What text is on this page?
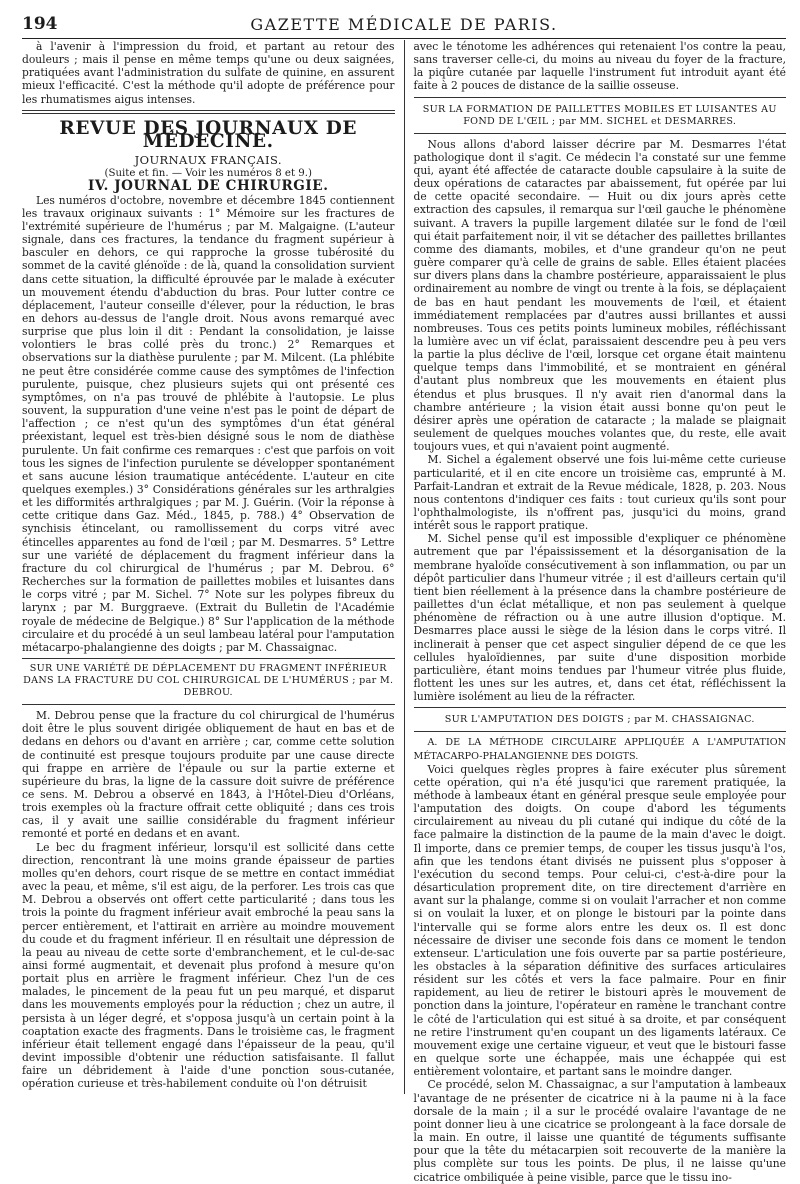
194	GAZETTE MÉDICALE DE PARIS.

à l'avenir à l'impression du froid, et partant au retour des douleurs ; mais il pense en même temps qu'une ou deux saignées, pratiquées avant l'administration du sulfate de quinine, en assurent mieux l'efficacité. C'est la méthode qu'il adopte de préférence pour les rhumatismes aigus intenses.

REVUE DES JOURNAUX DE MÉDECINE.

JOURNAUX FRANÇAIS.

(Suite et fin. — Voir les numéros 8 et 9.)

IV. JOURNAL DE CHIRURGIE.

Les numéros d'octobre, novembre et décembre 1845 contiennent les travaux originaux suivants : 1° Mémoire sur les fractures de l'extrémité supérieure de l'humérus ; par M. Malgaigne. (L'auteur signale, dans ces fractures, la tendance du fragment supérieur à basculer en dehors, ce qui rapproche la grosse tubérosité du sommet de la cavité glénoïde : de là, quand la consolidation survient dans cette situation, la difficulté éprouvée par le malade à exécuter un mouvement étendu d'abduction du bras. Pour lutter contre ce déplacement, l'auteur conseille d'élever, pour la réduction, le bras en dehors au-dessus de l'angle droit. Nous avons remarqué avec surprise que plus loin il dit : Pendant la consolidation, je laisse volontiers le bras collé près du tronc.) 2° Remarques et observations sur la diathèse purulente ; par M. Milcent. (La phlébite ne peut être considérée comme cause des symptômes de l'infection purulente, puisque, chez plusieurs sujets qui ont présenté ces symptômes, on n'a pas trouvé de phlébite à l'autopsie. Le plus souvent, la suppuration d'une veine n'est pas le point de départ de l'affection ; ce n'est qu'un des symptômes d'un état général préexistant, lequel est très-bien désigné sous le nom de diathèse purulente. Un fait confirme ces remarques : c'est que parfois on voit tous les signes de l'infection purulente se développer spontanément et sans aucune lésion traumatique antécédente. L'auteur en cite quelques exemples.) 3° Considérations générales sur les arthralgies et les difformités arthralgiques ; par M. J. Guérin. (Voir la réponse à cette critique dans Gaz. Méd., 1845, p. 788.) 4° Observation de synchisis étincelant, ou ramollissement du corps vitré avec étincelles apparentes au fond de l'œil ; par M. Desmarres. 5° Lettre sur une variété de déplacement du fragment inférieur dans la fracture du col chirurgical de l'humérus ; par M. Debrou. 6° Recherches sur la formation de paillettes mobiles et luisantes dans le corps vitré ; par M. Sichel. 7° Note sur les polypes fibreux du larynx ; par M. Burggraeve. (Extrait du Bulletin de l'Académie royale de médecine de Belgique.) 8° Sur l'application de la méthode circulaire et du procédé à un seul lambeau latéral pour l'amputation métacarpo-phalangienne des doigts ; par M. Chassaignac.

SUR UNE VARIÉTÉ DE DÉPLACEMENT DU FRAGMENT INFÉRIEUR DANS LA FRACTURE DU COL CHIRURGICAL DE L'HUMÉRUS ; par M. DEBROU.

M. Debrou pense que la fracture du col chirurgical de l'humérus doit être le plus souvent dirigée obliquement de haut en bas et de dedans en dehors ou d'avant en arrière ; car, comme cette solution de continuité est presque toujours produite par une cause directe qui frappe en arrière de l'épaule ou sur la partie externe et supérieure du bras, la ligne de la cassure doit suivre de préférence ce sens. M. Debrou a observé en 1843, à l'Hôtel-Dieu d'Orléans, trois exemples où la fracture offrait cette obliquité ; dans ces trois cas, il y avait une saillie considérable du fragment inférieur remonté et porté en dedans et en avant.

Le bec du fragment inférieur, lorsqu'il est sollicité dans cette direction, rencontrant là une moins grande épaisseur de parties molles qu'en dehors, court risque de se mettre en contact immédiat avec la peau, et même, s'il est aigu, de la perforer. Les trois cas que M. Debrou a observés ont offert cette particularité ; dans tous les trois la pointe du fragment inférieur avait embroché la peau sans la percer entièrement, et l'attirait en arrière au moindre mouvement du coude et du fragment inférieur. Il en résultait une dépression de la peau au niveau de cette sorte d'embranchement, et le cul-de-sac ainsi formé augmentait, et devenait plus profond à mesure qu'on portait plus en arrière le fragment inférieur. Chez l'un de ces malades, le pincement de la peau fut un peu marqué, et disparut dans les mouvements employés pour la réduction ; chez un autre, il persista à un léger degré, et s'opposa jusqu'à un certain point à la coaptation exacte des fragments. Dans le troisième cas, le fragment inférieur était tellement engagé dans l'épaisseur de la peau, qu'il devint impossible d'obtenir une réduction satisfaisante. Il fallut faire un débridement à l'aide d'une ponction sous-cutanée, opération curieuse et très-habilement conduite où l'on détruisit

avec le ténotome les adhérences qui retenaient l'os contre la peau, sans traverser celle-ci, du moins au niveau du foyer de la fracture, la piqûre cutanée par laquelle l'instrument fut introduit ayant été faite à 2 pouces de distance de la saillie osseuse.

SUR LA FORMATION DE PAILLETTES MOBILES ET LUISANTES AU FOND DE L'ŒIL ; par MM. SICHEL et DESMARRES.

Nous allons d'abord laisser décrire par M. Desmarres l'état pathologique dont il s'agit. Ce médecin l'a constaté sur une femme qui, ayant été affectée de cataracte double capsulaire à la suite de deux opérations de cataractes par abaissement, fut opérée par lui de cette opacité secondaire. — Huit ou dix jours après cette extraction des capsules, il remarqua sur l'œil gauche le phénomène suivant. A travers la pupille largement dilatée sur le fond de l'œil qui était parfaitement noir, il vit se détacher des paillettes brillantes comme des diamants, mobiles, et d'une grandeur qu'on ne peut guère comparer qu'à celle de grains de sable. Elles étaient placées sur divers plans dans la chambre postérieure, apparaissaient le plus ordinairement au nombre de vingt ou trente à la fois, se déplaçaient de bas en haut pendant les mouvements de l'œil, et étaient immédiatement remplacées par d'autres aussi brillantes et aussi nombreuses. Tous ces petits points lumineux mobiles, réfléchissant la lumière avec un vif éclat, paraissaient descendre peu à peu vers la partie la plus déclive de l'œil, lorsque cet organe était maintenu quelque temps dans l'immobilité, et se montraient en général d'autant plus nombreux que les mouvements en étaient plus étendus et plus brusques. Il n'y avait rien d'anormal dans la chambre antérieure ; la vision était aussi bonne qu'on peut le désirer après une opération de cataracte ; la malade se plaignait seulement de quelques mouches volantes que, du reste, elle avait toujours vues, et qui n'avaient point augmenté.

M. Sichel a également observé une fois lui-même cette curieuse particularité, et il en cite encore un troisième cas, emprunté à M. Parfait-Landran et extrait de la Revue médicale, 1828, p. 203. Nous nous contentons d'indiquer ces faits : tout curieux qu'ils sont pour l'ophthalmologiste, ils n'offrent pas, jusqu'ici du moins, grand intérêt sous le rapport pratique.

M. Sichel pense qu'il est impossible d'expliquer ce phénomène autrement que par l'épaississement et la désorganisation de la membrane hyaloïde consécutivement à son inflammation, ou par un dépôt particulier dans l'humeur vitrée ; il est d'ailleurs certain qu'il tient bien réellement à la présence dans la chambre postérieure de paillettes d'un éclat métallique, et non pas seulement à quelque phénomène de réfraction ou à une autre illusion d'optique. M. Desmarres place aussi le siège de la lésion dans le corps vitré. Il inclinerait à penser que cet aspect singulier dépend de ce que les cellules hyaloïdiennes, par suite d'une disposition morbide particulière, étant moins tendues par l'humeur vitrée plus fluide, flottent les unes sur les autres, et, dans cet état, réfléchissent la lumière isolément au lieu de la réfracter.

SUR L'AMPUTATION DES DOIGTS ; par M. CHASSAIGNAC.

A. DE LA MÉTHODE CIRCULAIRE APPLIQUÉE A L'AMPUTATION MÉTACARPO-PHALANGIENNE DES DOIGTS.

Voici quelques règles propres à faire exécuter plus sûrement cette opération, qui n'a été jusqu'ici que rarement pratiquée, la méthode à lambeaux étant en général presque seule employée pour l'amputation des doigts. On coupe d'abord les téguments circulairement au niveau du pli cutané qui indique du côté de la face palmaire la distinction de la paume de la main d'avec le doigt. Il importe, dans ce premier temps, de couper les tissus jusqu'à l'os, afin que les tendons étant divisés ne puissent plus s'opposer à l'exécution du second temps. Pour celui-ci, c'est-à-dire pour la désarticulation proprement dite, on tire directement d'arrière en avant sur la phalange, comme si on voulait l'arracher et non comme si on voulait la luxer, et on plonge le bistouri par la pointe dans l'intervalle qui se forme alors entre les deux os. Il est donc nécessaire de diviser une seconde fois dans ce moment le tendon extenseur. L'articulation une fois ouverte par sa partie postérieure, les obstacles à la séparation définitive des surfaces articulaires résident sur les côtés et vers la face palmaire. Pour en finir rapidement, au lieu de retirer le bistouri après le mouvement de ponction dans la jointure, l'opérateur en ramène le tranchant contre le côté de l'articulation qui est situé à sa droite, et par conséquent ne retire l'instrument qu'en coupant un des ligaments latéraux. Ce mouvement exige une certaine vigueur, et veut que le bistouri fasse en quelque sorte une échappée, mais une échappée qui est entièrement volontaire, et partant sans le moindre danger.

Ce procédé, selon M. Chassaignac, a sur l'amputation à lambeaux l'avantage de ne présenter de cicatrice ni à la paume ni à la face dorsale de la main ; il a sur le procédé ovalaire l'avantage de ne point donner lieu à une cicatrice se prolongeant à la face dorsale de la main. En outre, il laisse une quantité de téguments suffisante pour que la tête du métacarpien soit recouverte de la manière la plus complète sur tous les points. De plus, il ne laisse qu'une cicatrice ombiliquée à peine visible, parce que le tissu ino-
